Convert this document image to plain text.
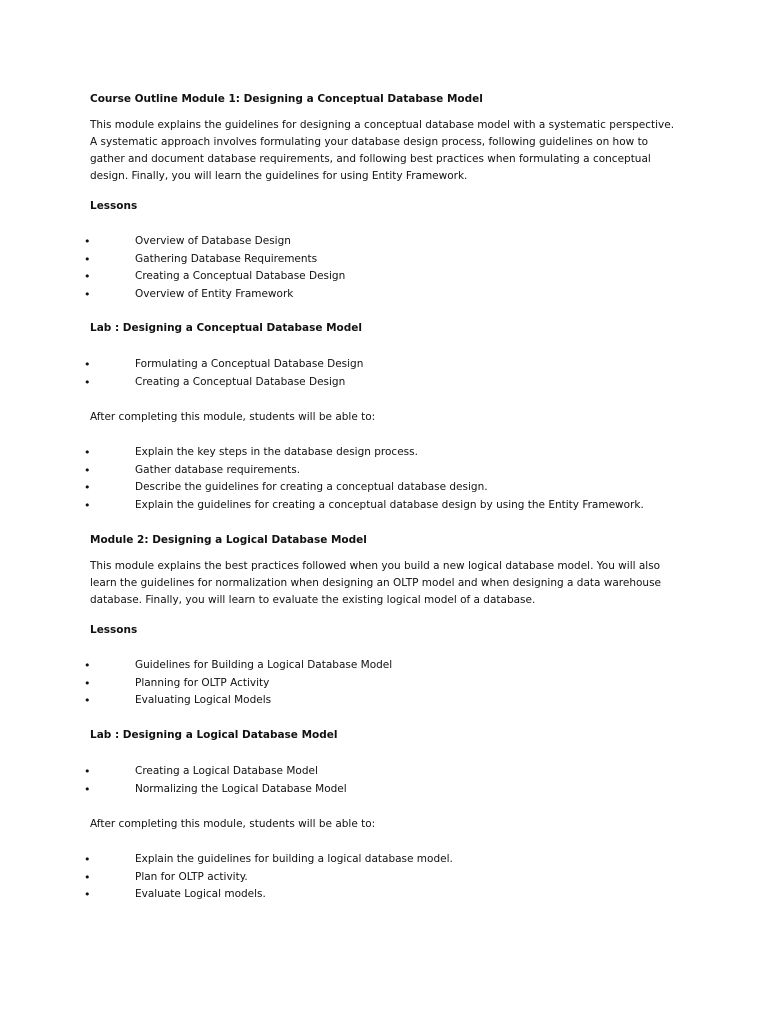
Course Outline Module 1: Designing a Conceptual Database Model
This module explains the guidelines for designing a conceptual database model with a systematic perspective. A systematic approach involves formulating your database design process, following guidelines on how to gather and document database requirements, and following best practices when formulating a conceptual design. Finally, you will learn the guidelines for using Entity Framework.
Lessons
•	Overview of Database Design
•	Gathering Database Requirements
•	Creating a Conceptual Database Design
•	Overview of Entity Framework
Lab : Designing a Conceptual Database Model
•	Formulating a Conceptual Database Design
•	Creating a Conceptual Database Design
After completing this module, students will be able to:
•	Explain the key steps in the database design process.
•	Gather database requirements.
•	Describe the guidelines for creating a conceptual database design.
•	Explain the guidelines for creating a conceptual database design by using the Entity Framework.
Module 2: Designing a Logical Database Model
This module explains the best practices followed when you build a new logical database model. You will also learn the guidelines for normalization when designing an OLTP model and when designing a data warehouse database. Finally, you will learn to evaluate the existing logical model of a database.
Lessons
•	Guidelines for Building a Logical Database Model
•	Planning for OLTP Activity
•	Evaluating Logical Models
Lab : Designing a Logical Database Model
•	Creating a Logical Database Model
•	Normalizing the Logical Database Model
After completing this module, students will be able to:
•	Explain the guidelines for building a logical database model.
•	Plan for OLTP activity.
•	Evaluate Logical models.
